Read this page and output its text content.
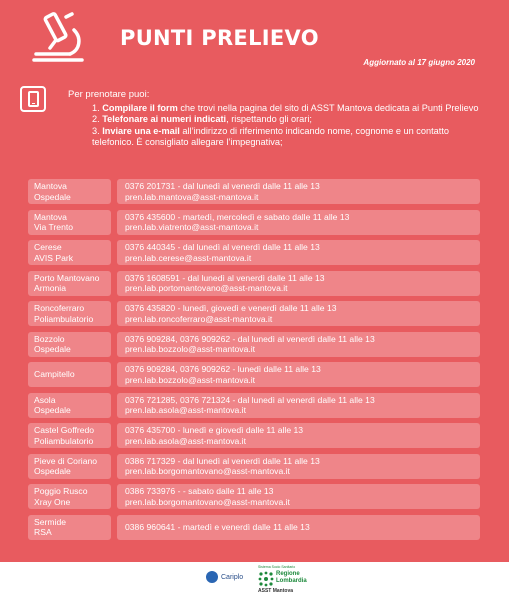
PUNTI PRELIEVO
Aggiornato al 17 giugno 2020
Per prenotare puoi:
1. Compilare il form che trovi nella pagina del sito di ASST Mantova dedicata ai Punti Prelievo
2. Telefonare ai numeri indicati, rispettando gli orari;
3. Inviare una e-mail all’indirizzo di riferimento indicando nome, cognome e un contatto telefonico. È consigliato allegare l’impegnativa;
Mantova
Ospedale
0376 201731 - dal lunedì al venerdì dalle 11 alle 13
pren.lab.mantova@asst-mantova.it
Mantova
Via Trento
0376 435600 - martedì, mercoledì e sabato dalle 11 alle 13
pren.lab.viatrento@asst-mantova.it
Cerese
AVIS Park
0376 440345 - dal lunedì al venerdì dalle 11 alle 13
pren.lab.cerese@asst-mantova.it
Porto Mantovano
Armonia
0376 1608591 - dal lunedì al venerdì dalle 11 alle 13
pren.lab.portomantovano@asst-mantova.it
Roncoferraro
Poliambulatorio
0376 435820 - lunedì, giovedì e venerdì dalle 11 alle 13
pren.lab.roncoferraro@asst-mantova.it
Bozzolo
Ospedale
0376 909284, 0376 909262 - dal lunedì al venerdì dalle 11 alle 13
pren.lab.bozzolo@asst-mantova.it
Campitello
0376 909284, 0376 909262 - lunedì dalle 11 alle 13
pren.lab.bozzolo@asst-mantova.it
Asola
Ospedale
0376 721285, 0376 721324 - dal lunedì al venerdì dalle 11 alle 13
pren.lab.asola@asst-mantova.it
Castel Goffredo
Poliambulatorio
0376 435700 - lunedì e giovedì dalle 11 alle 13
pren.lab.asola@asst-mantova.it
Pieve di Coriano
Ospedale
0386 717329 - dal lunedì al venerdì dalle 11 alle 13
pren.lab.borgomantovano@asst-mantova.it
Poggio Rusco
Xray One
0386 733976 - - sabato dalle 11 alle 13
pren.lab.borgomantovano@asst-mantova.it
Sermide
RSA
0386 960641 - martedì e venerdì dalle 11 alle 13
Cariplo
Sistema Socio Sanitario
Regione
Lombardia
ASST Mantova
